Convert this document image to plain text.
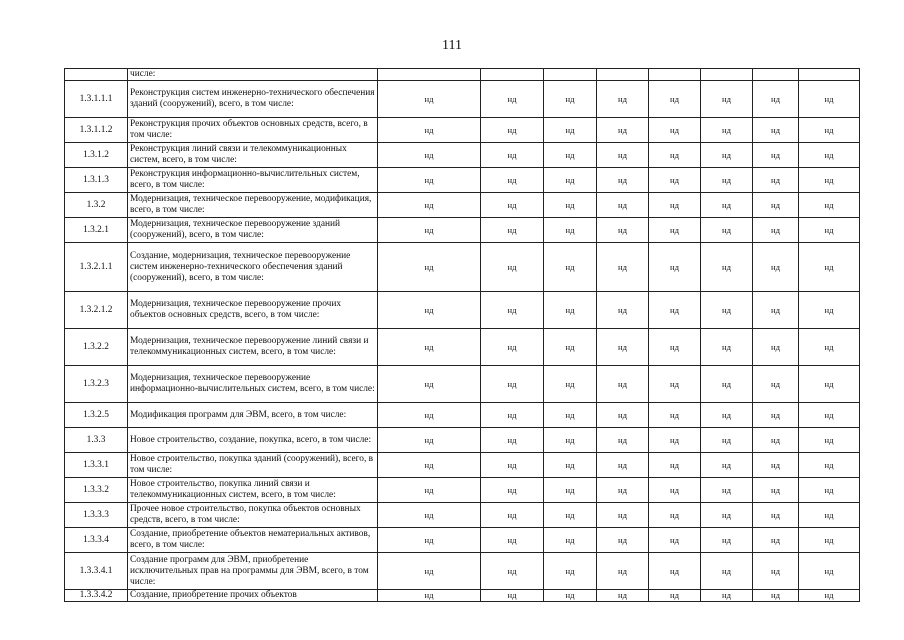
111
	числе:								
1.3.1.1.1	Реконструкция систем инженерно-технического обеспечения зданий (сооружений), всего, в том числе:	нд	нд	нд	нд	нд	нд	нд	нд
1.3.1.1.2	Реконструкция прочих объектов основных средств, всего, в том числе:	нд	нд	нд	нд	нд	нд	нд	нд
1.3.1.2	Реконструкция линий связи и телекоммуникационных систем, всего, в том числе:	нд	нд	нд	нд	нд	нд	нд	нд
1.3.1.3	Реконструкция информационно-вычислительных систем, всего, в том числе:	нд	нд	нд	нд	нд	нд	нд	нд
1.3.2	Модернизация, техническое перевооружение, модификация, всего, в том числе:	нд	нд	нд	нд	нд	нд	нд	нд
1.3.2.1	Модернизация, техническое перевооружение зданий (сооружений), всего, в том числе:	нд	нд	нд	нд	нд	нд	нд	нд
1.3.2.1.1	Создание, модернизация, техническое перевооружение систем инженерно-технического обеспечения зданий (сооружений), всего, в том числе:	нд	нд	нд	нд	нд	нд	нд	нд
1.3.2.1.2	Модернизация, техническое перевооружение прочих объектов основных средств, всего, в том числе:	нд	нд	нд	нд	нд	нд	нд	нд
1.3.2.2	Модернизация, техническое перевооружение линий связи и телекоммуникационных систем, всего, в том числе:	нд	нд	нд	нд	нд	нд	нд	нд
1.3.2.3	Модернизация, техническое перевооружение информационно-вычислительных систем, всего, в том числе:	нд	нд	нд	нд	нд	нд	нд	нд
1.3.2.5	Модификация программ для ЭВМ, всего, в том числе:	нд	нд	нд	нд	нд	нд	нд	нд
1.3.3	Новое строительство, создание, покупка, всего, в том числе:	нд	нд	нд	нд	нд	нд	нд	нд
1.3.3.1	Новое строительство, покупка зданий (сооружений), всего, в том числе:	нд	нд	нд	нд	нд	нд	нд	нд
1.3.3.2	Новое строительство, покупка линий связи и телекоммуникационных систем, всего, в том числе:	нд	нд	нд	нд	нд	нд	нд	нд
1.3.3.3	Прочее новое строительство, покупка объектов основных средств, всего, в том числе:	нд	нд	нд	нд	нд	нд	нд	нд
1.3.3.4	Создание, приобретение объектов нематериальных активов, всего, в том числе:	нд	нд	нд	нд	нд	нд	нд	нд
1.3.3.4.1	Создание программ для ЭВМ, приобретение исключительных прав на программы для ЭВМ, всего, в том числе:	нд	нд	нд	нд	нд	нд	нд	нд
1.3.3.4.2	Создание, приобретение прочих объектов	нд	нд	нд	нд	нд	нд	нд	нд
